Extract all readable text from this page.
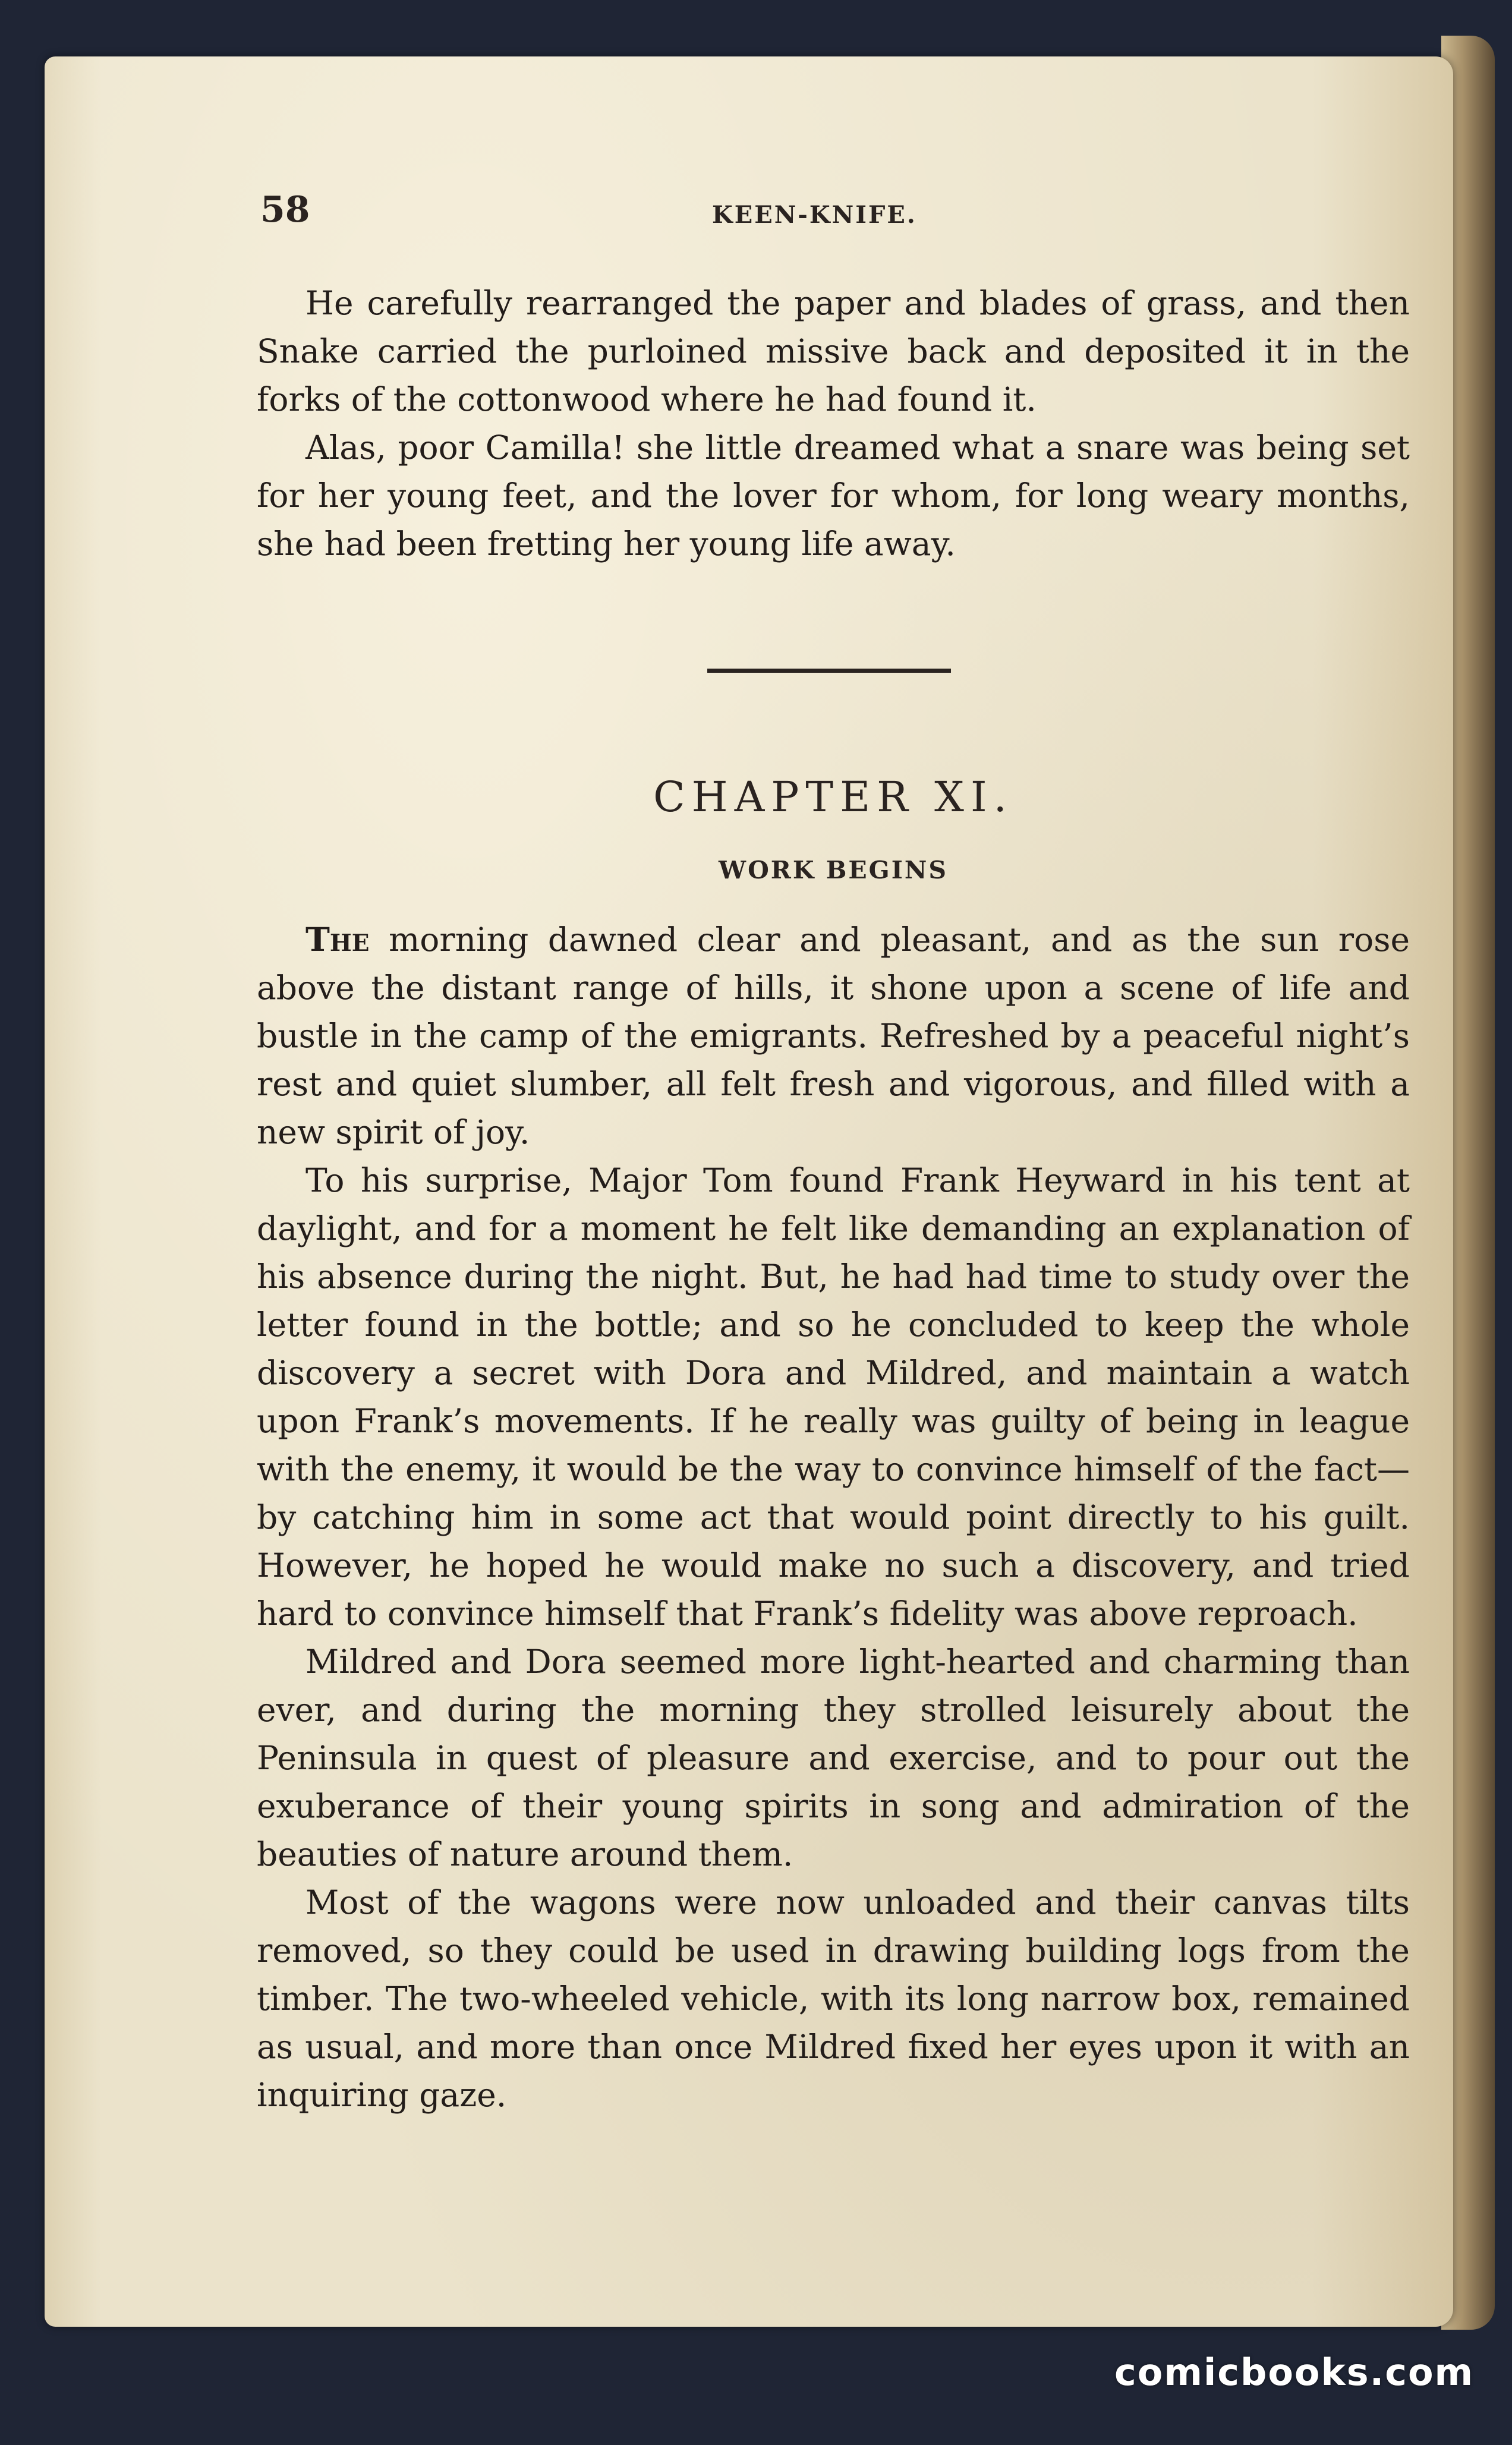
58	KEEN-KNIFE.

He carefully rearranged the paper and blades of grass, and then Snake carried the purloined missive back and deposited it in the forks of the cottonwood where he had found it.

Alas, poor Camilla! she little dreamed what a snare was being set for her young feet, and the lover for whom, for long weary months, she had been fretting her young life away.

CHAPTER XI.
WORK BEGINS

The morning dawned clear and pleasant, and as the sun rose above the distant range of hills, it shone upon a scene of life and bustle in the camp of the emigrants. Refreshed by a peaceful night’s rest and quiet slumber, all felt fresh and vigorous, and filled with a new spirit of joy.

To his surprise, Major Tom found Frank Heyward in his tent at daylight, and for a moment he felt like demanding an explanation of his absence during the night. But, he had had time to study over the letter found in the bottle; and so he concluded to keep the whole discovery a secret with Dora and Mildred, and maintain a watch upon Frank’s movements. If he really was guilty of being in league with the enemy, it would be the way to convince himself of the fact—by catching him in some act that would point directly to his guilt. However, he hoped he would make no such a discovery, and tried hard to convince himself that Frank’s fidelity was above reproach.

Mildred and Dora seemed more light-hearted and charming than ever, and during the morning they strolled leisurely about the Peninsula in quest of pleasure and exercise, and to pour out the exuberance of their young spirits in song and admiration of the beauties of nature around them.

Most of the wagons were now unloaded and their canvas tilts removed, so they could be used in drawing building logs from the timber. The two-wheeled vehicle, with its long narrow box, remained as usual, and more than once Mildred fixed her eyes upon it with an inquiring gaze.

comicbooks.com
